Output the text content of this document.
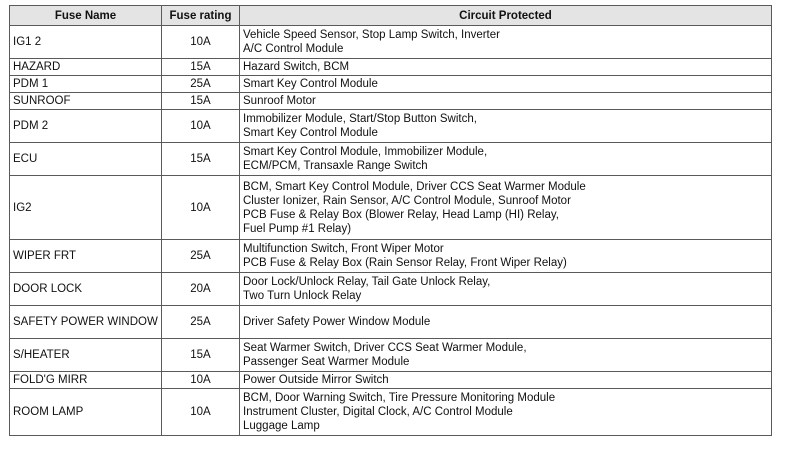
Fuse Name	Fuse rating	Circuit Protected
IG1 2	10A	Vehicle Speed Sensor, Stop Lamp Switch, Inverter
A/C Control Module

HAZARD	15A	Hazard Switch, BCM

PDM 1	25A	Smart Key Control Module

SUNROOF	15A	Sunroof Motor

PDM 2	10A	Immobilizer Module, Start/Stop Button Switch,
Smart Key Control Module

ECU	15A	Smart Key Control Module, Immobilizer Module,
ECM/PCM, Transaxle Range Switch

IG2	10A	BCM, Smart Key Control Module, Driver CCS Seat Warmer Module
Cluster Ionizer, Rain Sensor, A/C Control Module, Sunroof Motor
PCB Fuse & Relay Box (Blower Relay, Head Lamp (HI) Relay,
Fuel Pump #1 Relay)

WIPER FRT	25A	Multifunction Switch, Front Wiper Motor
PCB Fuse & Relay Box (Rain Sensor Relay, Front Wiper Relay)

DOOR LOCK	20A	Door Lock/Unlock Relay, Tail Gate Unlock Relay,
Two Turn Unlock Relay

SAFETY POWER WINDOW	25A	Driver Safety Power Window Module

S/HEATER	15A	Seat Warmer Switch, Driver CCS Seat Warmer Module,
Passenger Seat Warmer Module

FOLD'G MIRR	10A	Power Outside Mirror Switch

ROOM LAMP	10A	BCM, Door Warning Switch, Tire Pressure Monitoring Module
Instrument Cluster, Digital Clock, A/C Control Module
Luggage Lamp
